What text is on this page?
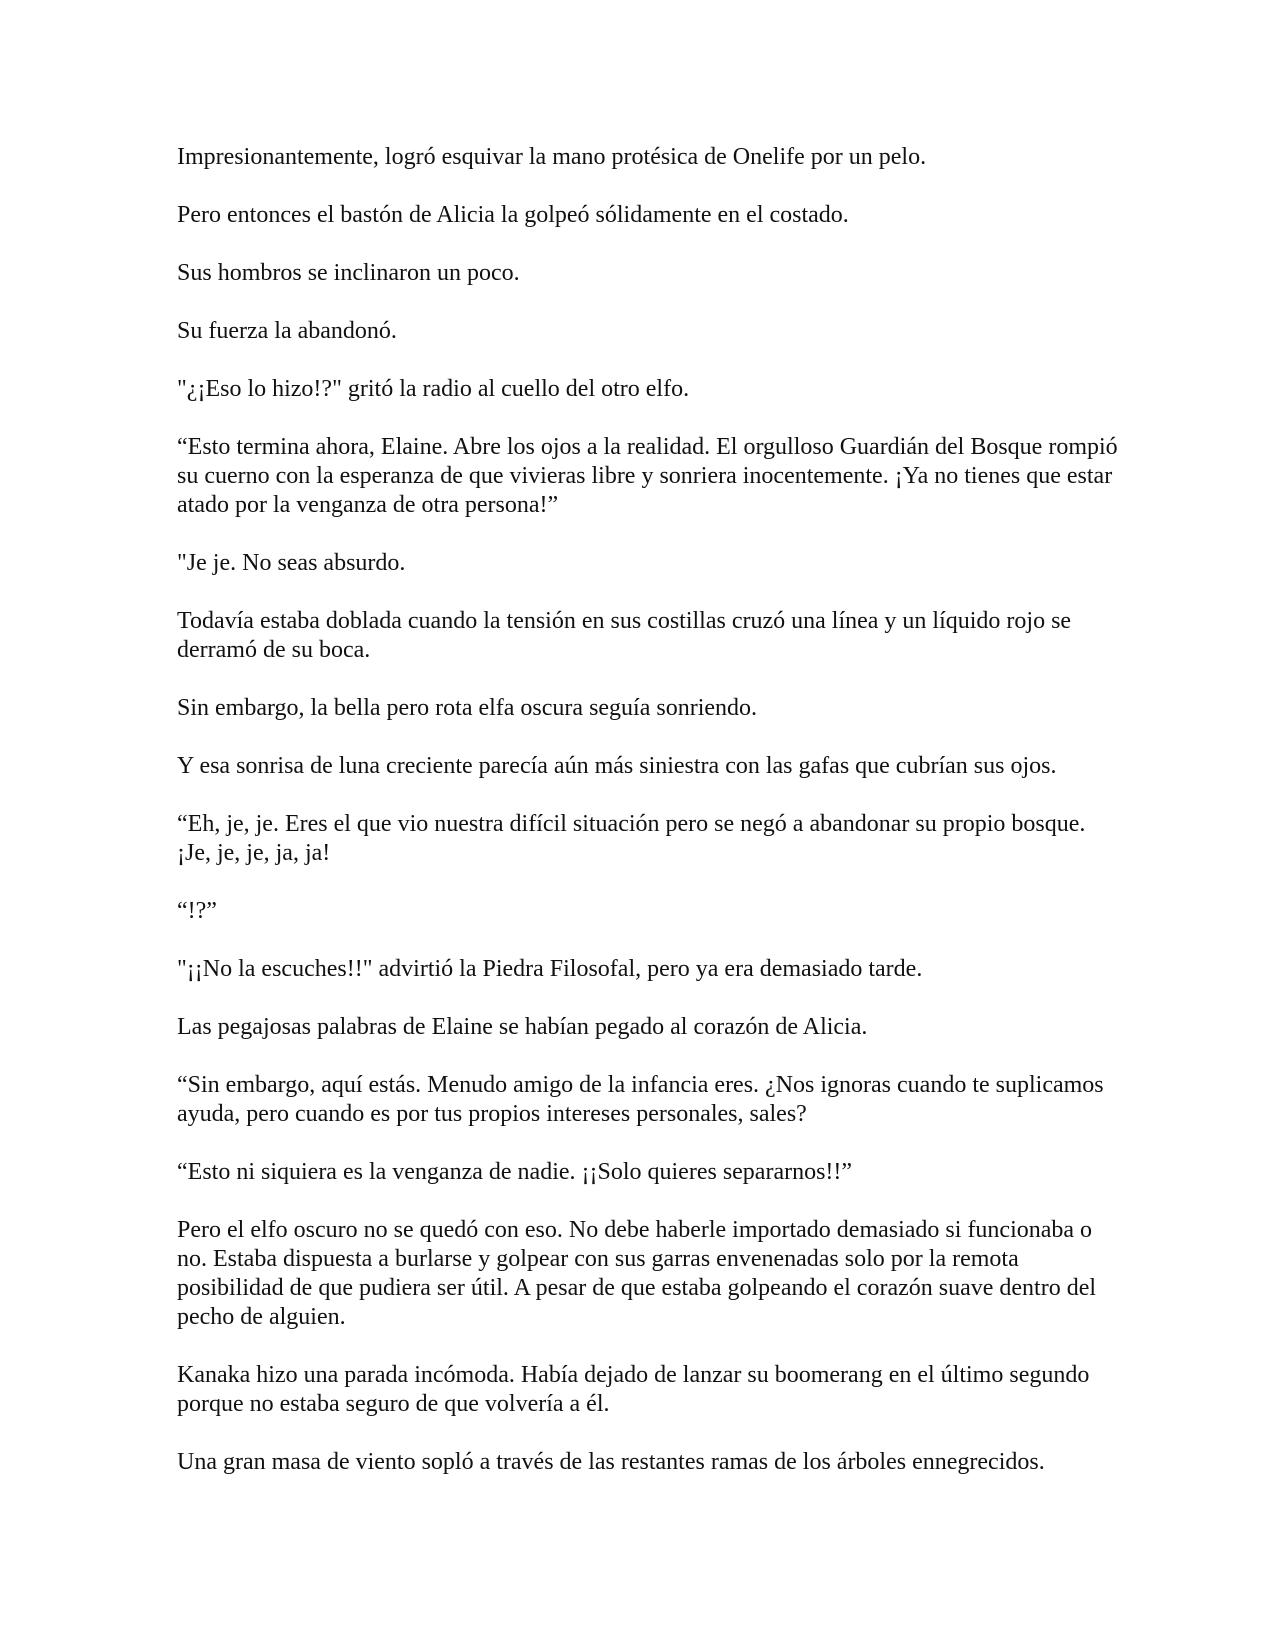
Impresionantemente, logró esquivar la mano protésica de Onelife por un pelo.

Pero entonces el bastón de Alicia la golpeó sólidamente en el costado.

Sus hombros se inclinaron un poco.

Su fuerza la abandonó.

"¿¡Eso lo hizo!?" gritó la radio al cuello del otro elfo.

“Esto termina ahora, Elaine. Abre los ojos a la realidad. El orgulloso Guardián del Bosque rompió su cuerno con la esperanza de que vivieras libre y sonriera inocentemente. ¡Ya no tienes que estar atado por la venganza de otra persona!”

"Je je. No seas absurdo.

Todavía estaba doblada cuando la tensión en sus costillas cruzó una línea y un líquido rojo se derramó de su boca.

Sin embargo, la bella pero rota elfa oscura seguía sonriendo.

Y esa sonrisa de luna creciente parecía aún más siniestra con las gafas que cubrían sus ojos.

“Eh, je, je. Eres el que vio nuestra difícil situación pero se negó a abandonar su propio bosque. ¡Je, je, je, ja, ja!

“!?”

"¡¡No la escuches!!" advirtió la Piedra Filosofal, pero ya era demasiado tarde.

Las pegajosas palabras de Elaine se habían pegado al corazón de Alicia.

“Sin embargo, aquí estás. Menudo amigo de la infancia eres. ¿Nos ignoras cuando te suplicamos ayuda, pero cuando es por tus propios intereses personales, sales?

“Esto ni siquiera es la venganza de nadie. ¡¡Solo quieres separarnos!!”

Pero el elfo oscuro no se quedó con eso. No debe haberle importado demasiado si funcionaba o no. Estaba dispuesta a burlarse y golpear con sus garras envenenadas solo por la remota posibilidad de que pudiera ser útil. A pesar de que estaba golpeando el corazón suave dentro del pecho de alguien.

Kanaka hizo una parada incómoda. Había dejado de lanzar su boomerang en el último segundo porque no estaba seguro de que volvería a él.

Una gran masa de viento sopló a través de las restantes ramas de los árboles ennegrecidos.
